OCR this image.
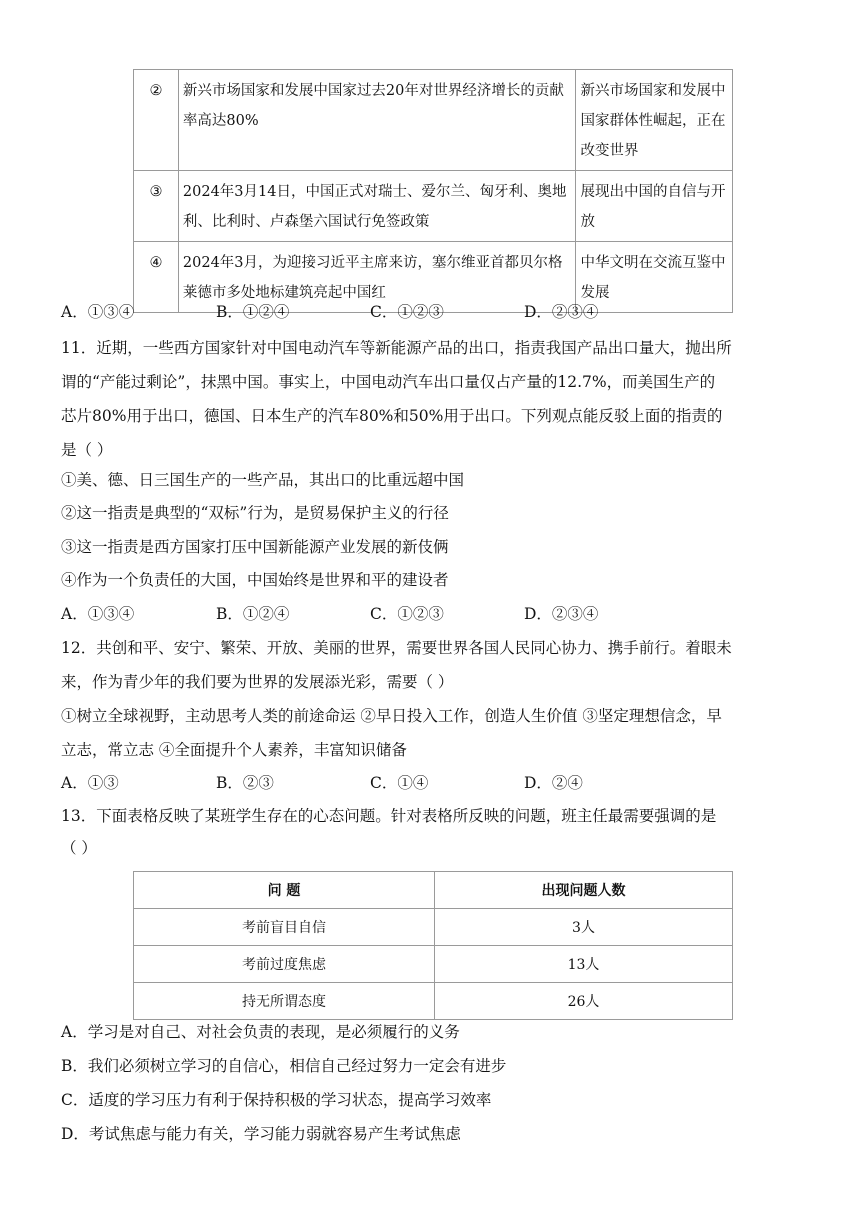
②	新兴市场国家和发展中国家过去20年对世界经济增长的贡献率高达80%	新兴市场国家和发展中国家群体性崛起，正在改变世界
③	2024年3月14日，中国正式对瑞士、爱尔兰、匈牙利、奥地利、比利时、卢森堡六国试行免签政策	展现出中国的自信与开放
④	2024年3月，为迎接习近平主席来访，塞尔维亚首都贝尔格莱德市多处地标建筑亮起中国红	中华文明在交流互鉴中发展
A．①③④	B．①②④	C．①②③	D．②③④
11．近期，一些西方国家针对中国电动汽车等新能源产品的出口，指责我国产品出口量大，抛出所
谓的“产能过剩论”，抹黑中国。事实上，中国电动汽车出口量仅占产量的12.7%，而美国生产的
芯片80%用于出口，德国、日本生产的汽车80%和50%用于出口。下列观点能反驳上面的指责的
是（ ）
①美、德、日三国生产的一些产品，其出口的比重远超中国
②这一指责是典型的“双标”行为，是贸易保护主义的行径
③这一指责是西方国家打压中国新能源产业发展的新伎俩
④作为一个负责任的大国，中国始终是世界和平的建设者
A．①③④	B．①②④	C．①②③	D．②③④
12．共创和平、安宁、繁荣、开放、美丽的世界，需要世界各国人民同心协力、携手前行。着眼未
来，作为青少年的我们要为世界的发展添光彩，需要（ ）
①树立全球视野，主动思考人类的前途命运 ②早日投入工作，创造人生价值 ③坚定理想信念，早
立志，常立志 ④全面提升个人素养，丰富知识储备
A．①③	B．②③	C．①④	D．②④
13．下面表格反映了某班学生存在的心态问题。针对表格所反映的问题，班主任最需要强调的是
（ ）
问 题	出现问题人数
考前盲目自信	3人
考前过度焦虑	13人
持无所谓态度	26人
A．学习是对自己、对社会负责的表现，是必须履行的义务
B．我们必须树立学习的自信心，相信自己经过努力一定会有进步
C．适度的学习压力有利于保持积极的学习状态，提高学习效率
D．考试焦虑与能力有关，学习能力弱就容易产生考试焦虑
